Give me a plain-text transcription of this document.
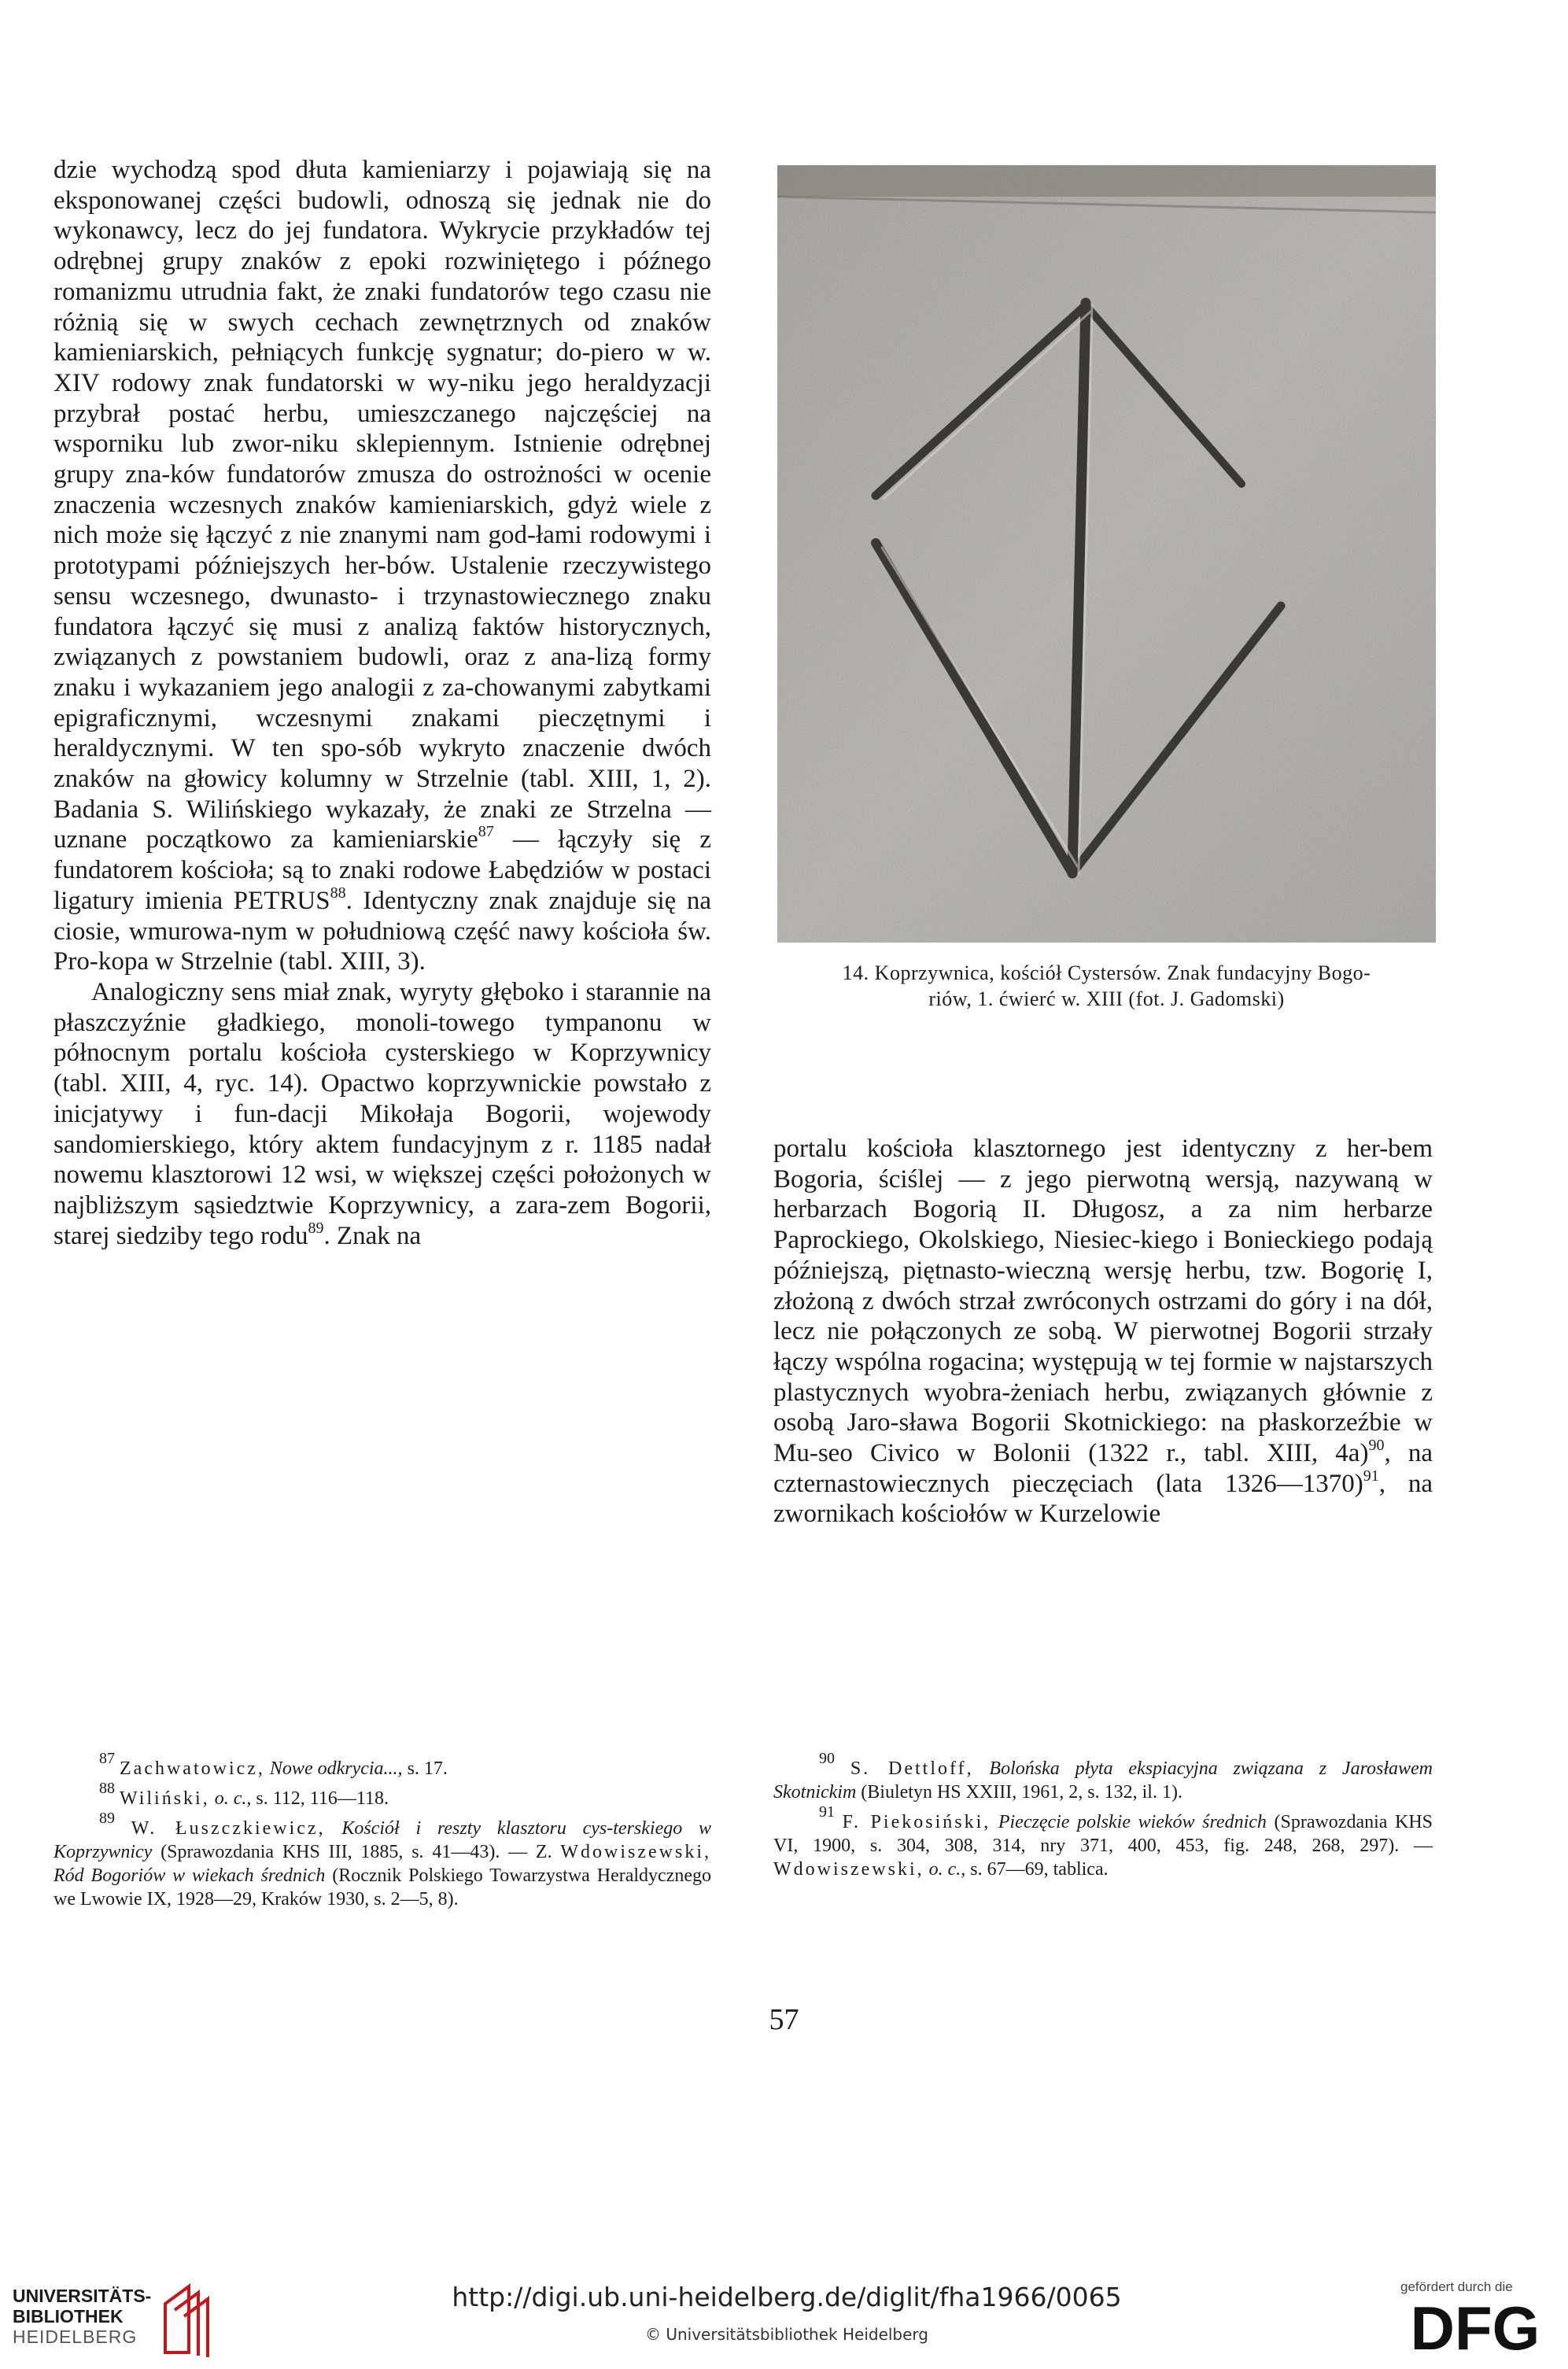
dzie wychodzą spod dłuta kamieniarzy i pojawiają się na eksponowanej części budowli, odnoszą się jednak nie do wykonawcy, lecz do jej fundatora. Wykrycie przykładów tej odrębnej grupy znaków z epoki rozwiniętego i późnego romanizmu utrudnia fakt, że znaki fundatorów tego czasu nie różnią się w swych cechach zewnętrznych od znaków kamieniarskich, pełniących funkcję sygnatur; do-piero w w. XIV rodowy znak fundatorski w wy-niku jego heraldyzacji przybrał postać herbu, umieszczanego najczęściej na wsporniku lub zwor-niku sklepiennym. Istnienie odrębnej grupy zna-ków fundatorów zmusza do ostrożności w ocenie znaczenia wczesnych znaków kamieniarskich, gdyż wiele z nich może się łączyć z nie znanymi nam god-łami rodowymi i prototypami późniejszych her-bów. Ustalenie rzeczywistego sensu wczesnego, dwunasto- i trzynastowiecznego znaku fundatora łączyć się musi z analizą faktów historycznych, związanych z powstaniem budowli, oraz z ana-lizą formy znaku i wykazaniem jego analogii z za-chowanymi zabytkami epigraficznymi, wczesnymi znakami pieczętnymi i heraldycznymi. W ten spo-sób wykryto znaczenie dwóch znaków na głowicy kolumny w Strzelnie (tabl. XIII, 1, 2). Badania S. Wilińskiego wykazały, że znaki ze Strzelna — uznane początkowo za kamieniarskie$^{87}$ — łączyły się z fundatorem kościoła; są to znaki rodowe Łabędziów w postaci ligatury imienia PETRUS$^{88}$. Identyczny znak znajduje się na ciosie, wmurowa-nym w południową część nawy kościoła św. Pro-kopa w Strzelnie (tabl. XIII, 3).

Analogiczny sens miał znak, wyryty głęboko i starannie na płaszczyźnie gładkiego, monoli-towego tympanonu w północnym portalu kościoła cysterskiego w Koprzywnicy (tabl. XIII, 4, ryc. 14). Opactwo koprzywnickie powstało z inicjatywy i fun-dacji Mikołaja Bogorii, wojewody sandomierskiego, który aktem fundacyjnym z r. 1185 nadał nowemu klasztorowi 12 wsi, w większej części położonych w najbliższym sąsiedztwie Koprzywnicy, a zara-zem Bogorii, starej siedziby tego rodu$^{89}$. Znak na

14. Koprzywnica, kościół Cystersów. Znak fundacyjny Bogo-
riów, 1. ćwierć w. XIII (fot. J. Gadomski)

portalu kościoła klasztornego jest identyczny z her-bem Bogoria, ściślej — z jego pierwotną wersją, nazywaną w herbarzach Bogorią II. Długosz, a za nim herbarze Paprockiego, Okolskiego, Niesiec-kiego i Bonieckiego podają późniejszą, piętnasto-wieczną wersję herbu, tzw. Bogorię I, złożoną z dwóch strzał zwróconych ostrzami do góry i na dół, lecz nie połączonych ze sobą. W pierwotnej Bogorii strzały łączy wspólna rogacina; występują w tej formie w najstarszych plastycznych wyobra-żeniach herbu, związanych głównie z osobą Jaro-sława Bogorii Skotnickiego: na płaskorzeźbie w Mu-seo Civico w Bolonii (1322 r., tabl. XIII, 4a)$^{90}$, na czternastowiecznych pieczęciach (lata 1326—1370)$^{91}$, na zwornikach kościołów w Kurzelowie

$^{87}$ Zachwatowicz, Nowe odkrycia..., s. 17.

$^{88}$ Wiliński, o. c., s. 112, 116—118.

$^{89}$ W. Łuszczkiewicz, Kościół i reszty klasztoru cys-terskiego w Koprzywnicy (Sprawozdania KHS III, 1885, s. 41—43). — Z. Wdowiszewski, Ród Bogoriów w wiekach średnich (Rocznik Polskiego Towarzystwa Heraldycznego we Lwowie IX, 1928—29, Kraków 1930, s. 2—5, 8).

$^{90}$ S. Dettloff, Bolońska płyta ekspiacyjna związana z Jarosławem Skotnickim (Biuletyn HS XXIII, 1961, 2, s. 132, il. 1).

$^{91}$ F. Piekosiński, Pieczęcie polskie wieków średnich (Sprawozdania KHS VI, 1900, s. 304, 308, 314, nry 371, 400, 453, fig. 248, 268, 297). — Wdowiszewski, o. c., s. 67—69, tablica.

57
UNIVERSITÄTS-
BIBLIOTHEK
HEIDELBERG
http://digi.ub.uni-heidelberg.de/diglit/fha1966/0065
© Universitätsbibliothek Heidelberg
gefördert durch die
DFG
